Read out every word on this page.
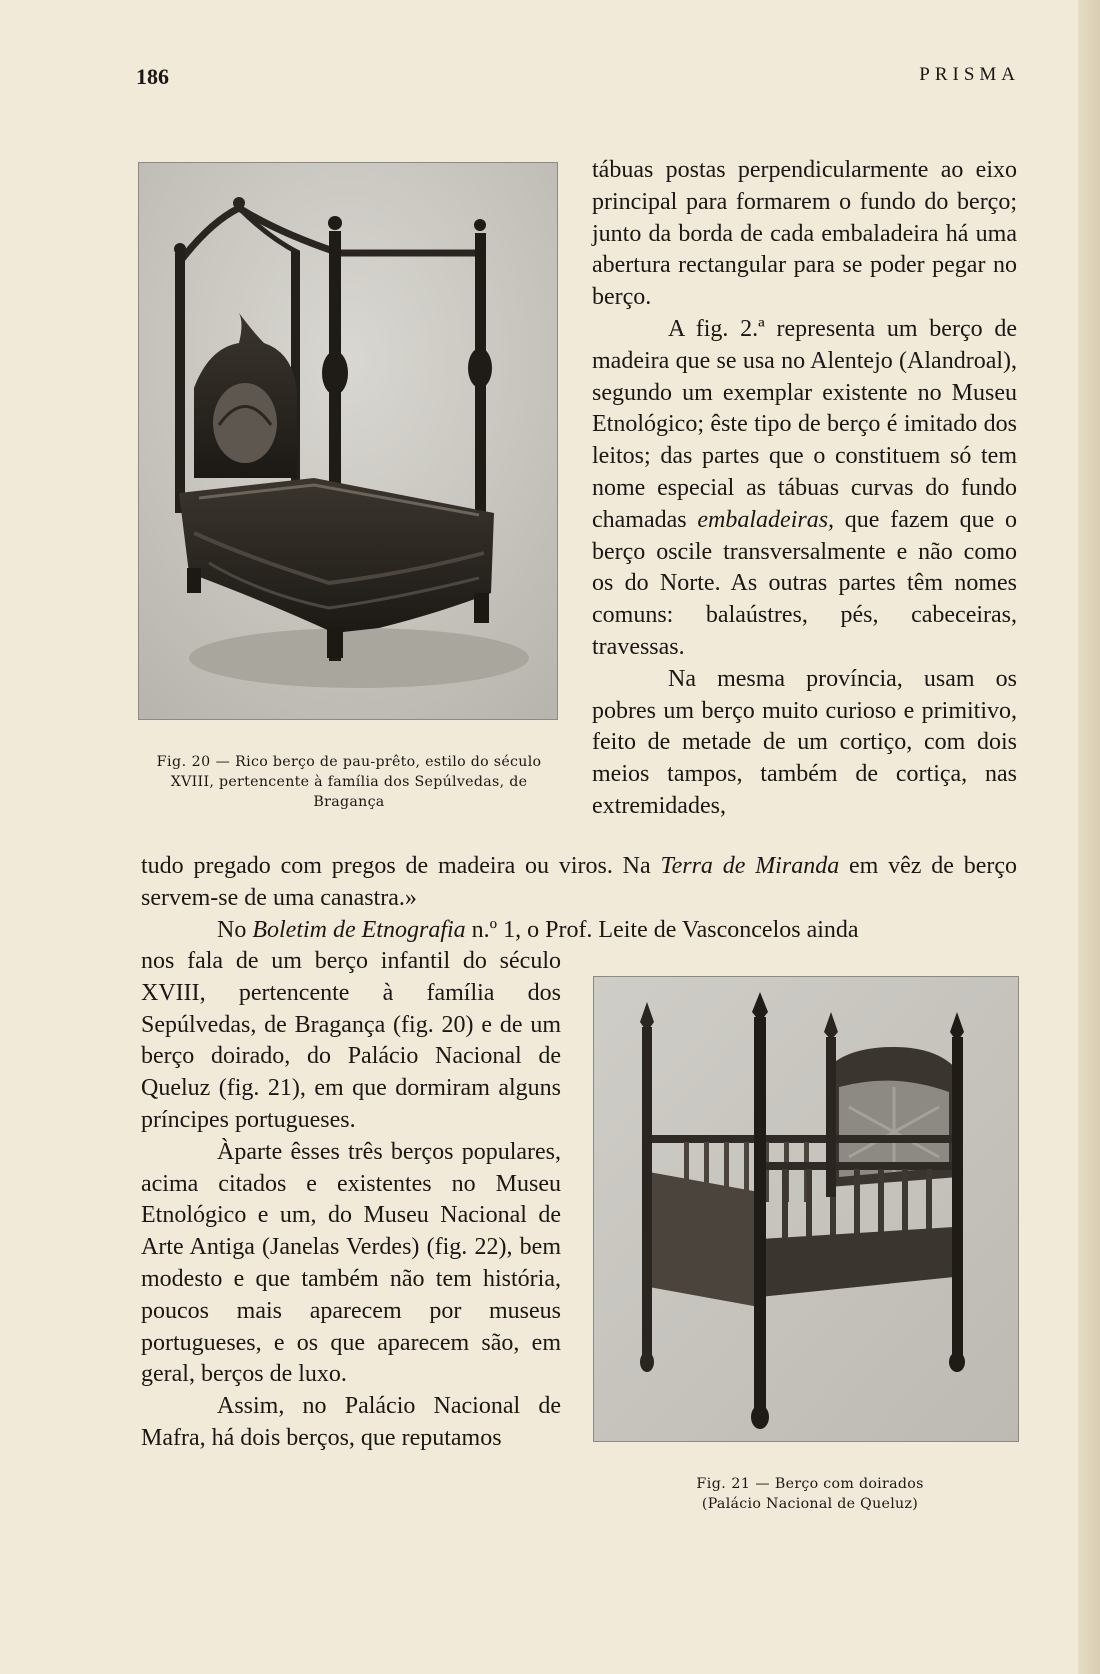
186	PRISMA
Fig. 20 — Rico berço de pau-prêto, estilo do século XVIII, pertencente à família dos Sepúlvedas, de Bragança

tábuas postas perpendicularmente ao eixo principal para formarem o fundo do berço; junto da borda de cada embaladeira há uma abertura rectangular para se poder pegar no berço.

A fig. 2.ª representa um berço de madeira que se usa no Alentejo (Alandroal), segundo um exemplar existente no Museu Etnológico; êste tipo de berço é imitado dos leitos; das partes que o constituem só tem nome especial as tábuas curvas do fundo chamadas embaladeiras, que fazem que o berço oscile transversalmente e não como os do Norte. As outras partes têm nomes comuns: balaústres, pés, cabeceiras, travessas.

Na mesma província, usam os pobres um berço muito curioso e primitivo, feito de metade de um cortiço, com dois meios tampos, também de cortiça, nas extremidades,

tudo pregado com pregos de madeira ou viros. Na Terra de Miranda em vêz de berço servem-se de uma canastra.»

No Boletim de Etnografia n.º 1, o Prof. Leite de Vasconcelos ainda

nos fala de um berço infantil do século XVIII, pertencente à família dos Sepúlvedas, de Bragança (fig. 20) e de um berço doirado, do Palácio Nacional de Queluz (fig. 21), em que dormiram alguns príncipes portugueses.

Àparte êsses três berços populares, acima citados e existentes no Museu Etnológico e um, do Museu Nacional de Arte Antiga (Janelas Verdes) (fig. 22), bem modesto e que também não tem história, poucos mais aparecem por museus portugueses, e os que aparecem são, em geral, berços de luxo.

Assim, no Palácio Nacional de Mafra, há dois berços, que reputamos

Fig. 21 — Berço com doirados
(Palácio Nacional de Queluz)
